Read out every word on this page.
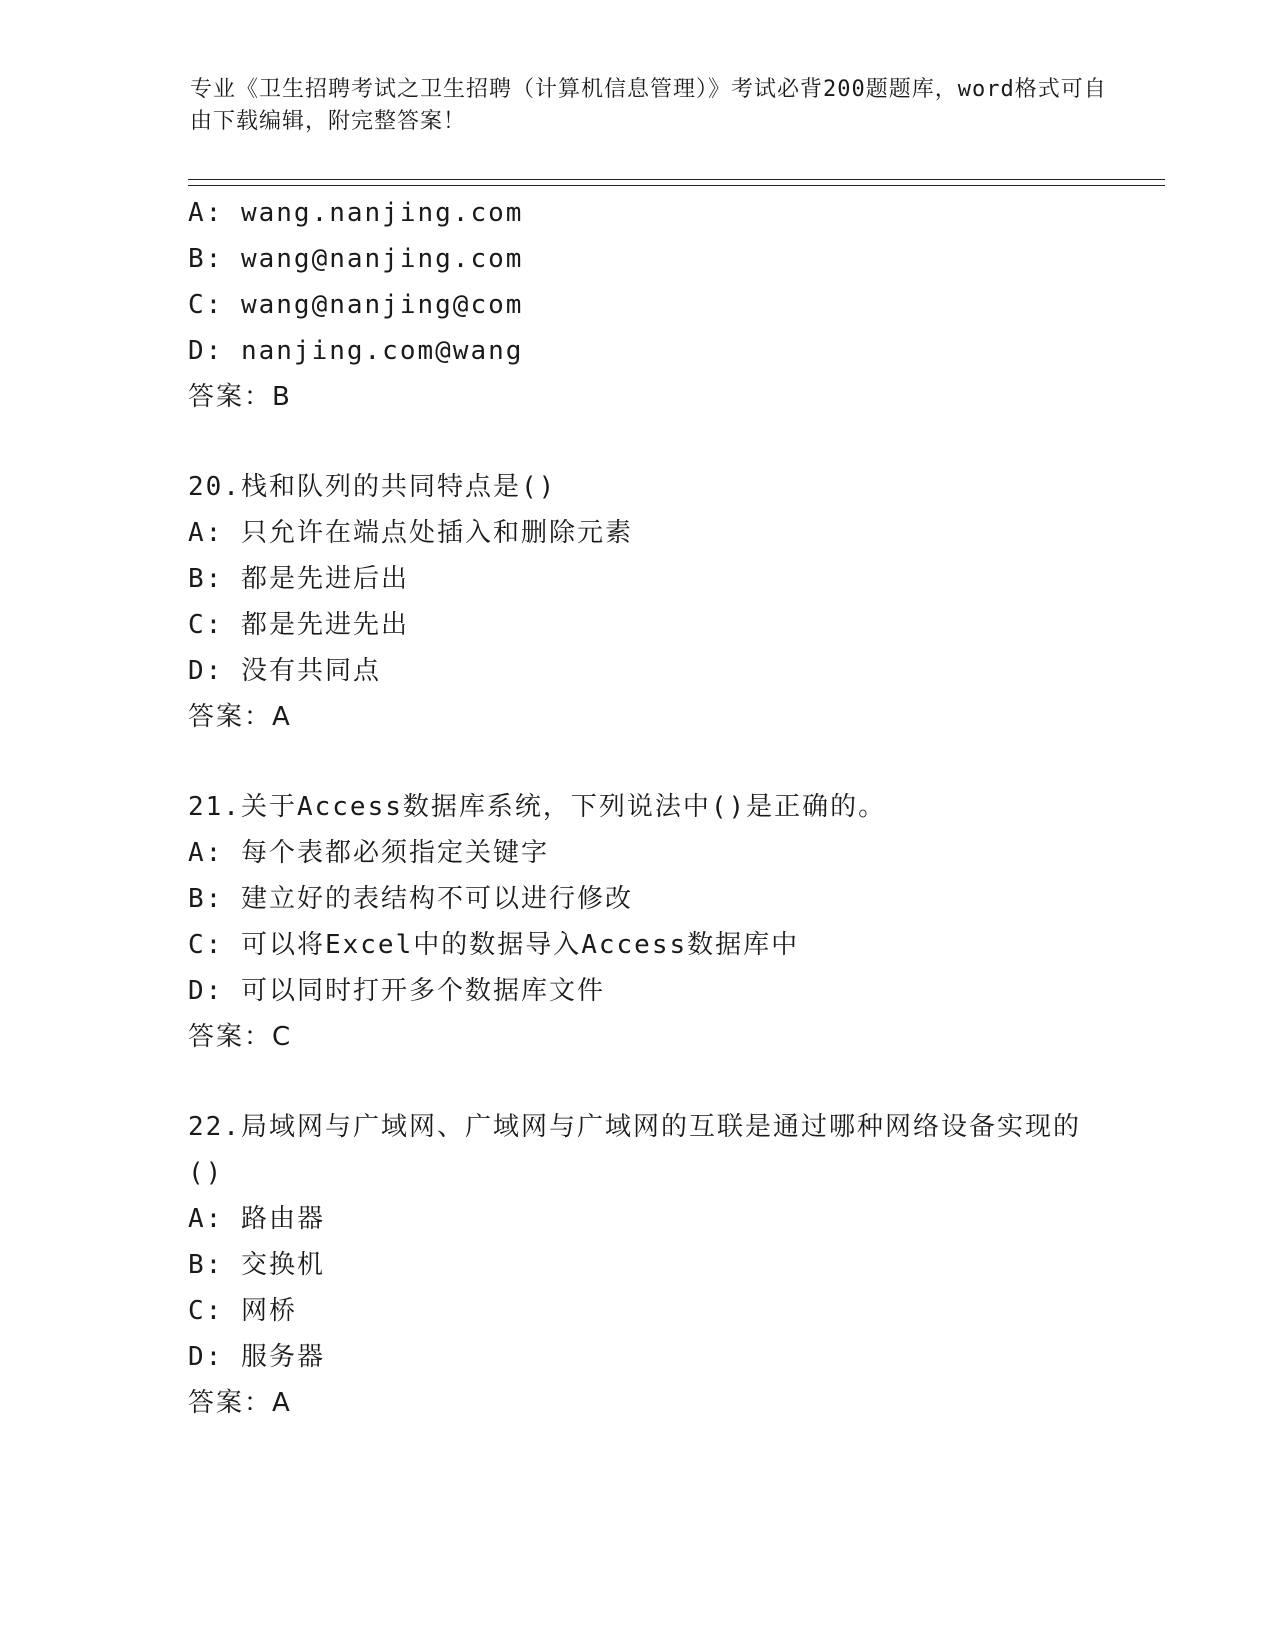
专业《卫生招聘考试之卫生招聘（计算机信息管理）》考试必背200题题库，word格式可自由下载编辑，附完整答案！
A: wang.nanjing.com
B: wang@nanjing.com
C: wang@nanjing@com
D: nanjing.com@wang
答案：B
20.栈和队列的共同特点是()
A: 只允许在端点处插入和删除元素
B: 都是先进后出
C: 都是先进先出
D: 没有共同点
答案：A
21.关于Access数据库系统，下列说法中()是正确的。
A: 每个表都必须指定关键字
B: 建立好的表结构不可以进行修改
C: 可以将Excel中的数据导入Access数据库中
D: 可以同时打开多个数据库文件
答案：C
22.局域网与广域网、广域网与广域网的互联是通过哪种网络设备实现的()
A: 路由器
B: 交换机
C: 网桥
D: 服务器
答案：A
